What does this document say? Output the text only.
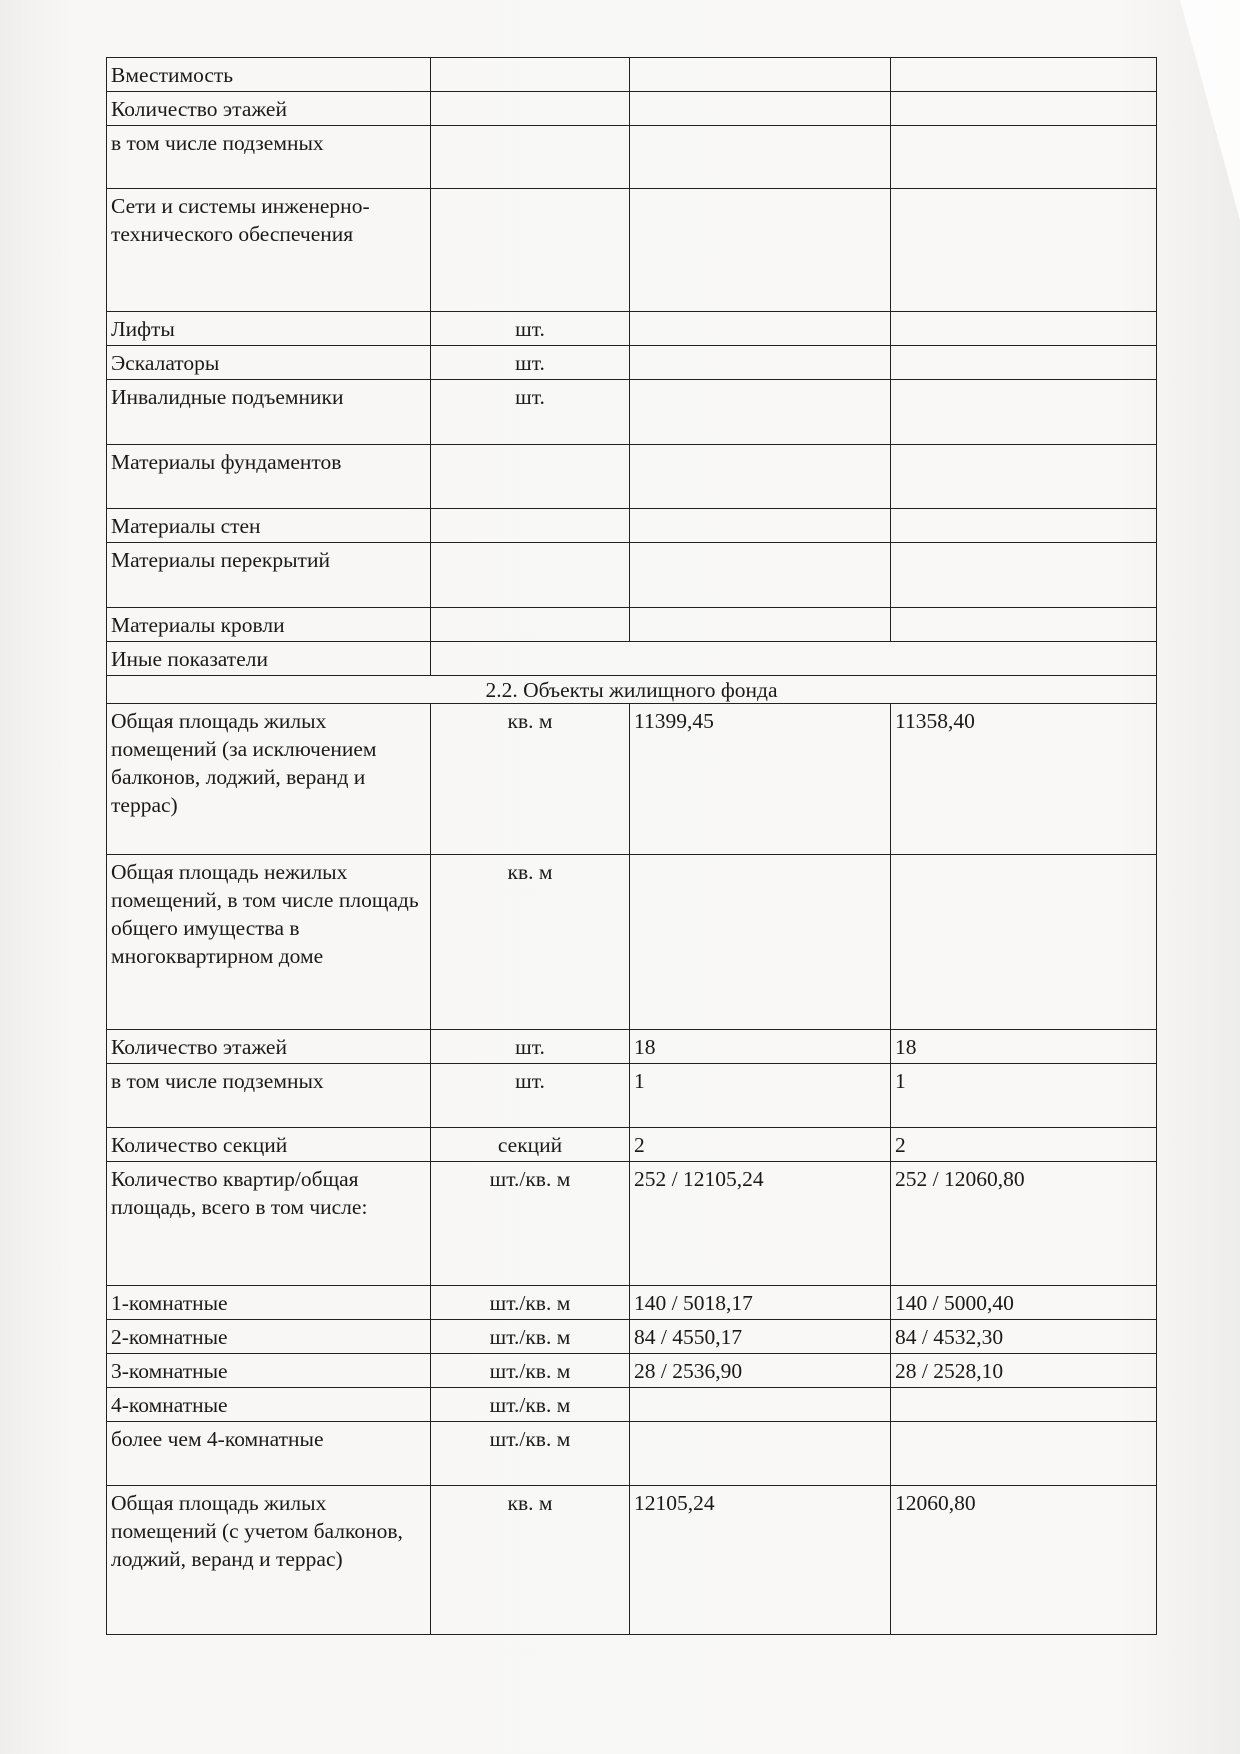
Вместимость			
Количество этажей			
в том числе подземных			
Сети и системы инженерно-технического обеспечения			
Лифты	шт.		
Эскалаторы	шт.		
Инвалидные подъемники	шт.		
Материалы фундаментов			
Материалы стен			
Материалы перекрытий			
Материалы кровли			
Иные показатели			
2.2. Объекты жилищного фонда			
Общая площадь жилых помещений (за исключением балконов, лоджий, веранд и террас)	кв. м	11399,45	11358,40
Общая площадь нежилых помещений, в том числе площадь общего имущества в многоквартирном доме	кв. м		
Количество этажей	шт.	18	18
в том числе подземных	шт.	1	1
Количество секций	секций	2	2
Количество квартир/общая площадь, всего в том числе:	шт./кв. м	252 / 12105,24	252 / 12060,80
1-комнатные	шт./кв. м	140 / 5018,17	140 / 5000,40
2-комнатные	шт./кв. м	84 / 4550,17	84 / 4532,30
3-комнатные	шт./кв. м	28 / 2536,90	28 / 2528,10
4-комнатные	шт./кв. м		
более чем 4-комнатные	шт./кв. м		
Общая площадь жилых помещений (с учетом балконов, лоджий, веранд и террас)	кв. м	12105,24	12060,80
